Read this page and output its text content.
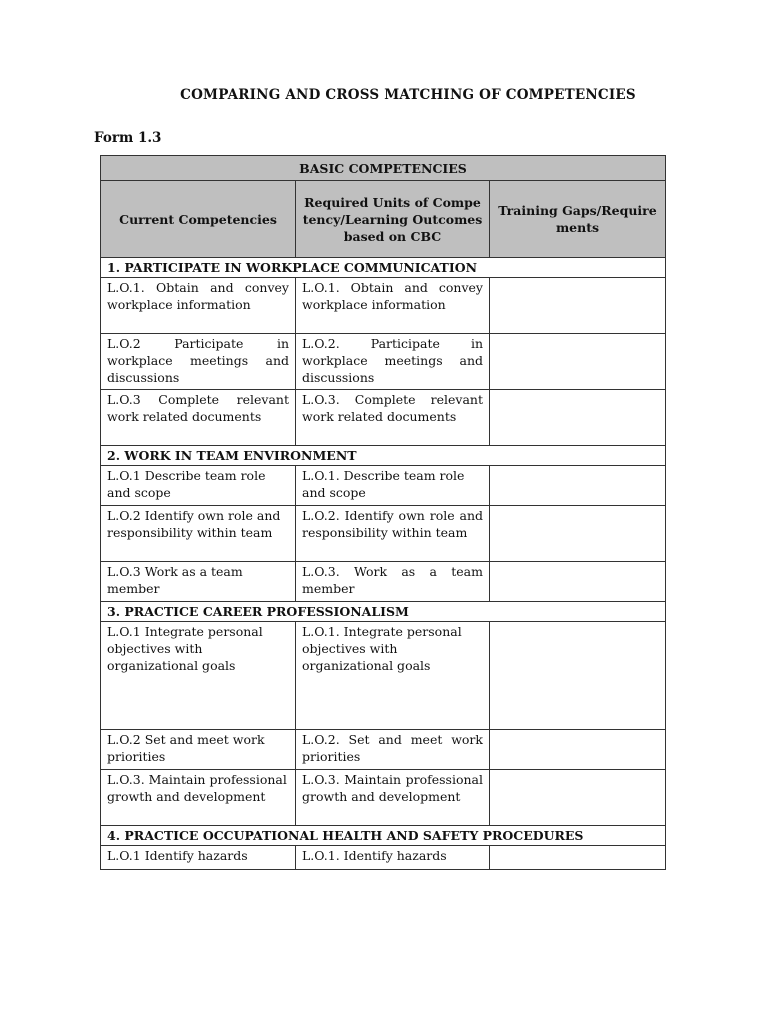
COMPARING AND CROSS MATCHING OF COMPETENCIES
Form 1.3
BASIC COMPETENCIES		
Current Competencies	Required Units of Competency/Learning Outcomes based on CBC	Training Gaps/Requirements
1. PARTICIPATE IN WORKPLACE COMMUNICATION		
L.O.1. Obtain and convey workplace information	L.O.1. Obtain and convey workplace information	
L.O.2 Participate in workplace meetings and discussions	L.O.2. Participate in workplace meetings and discussions	
L.O.3 Complete relevant work related documents	L.O.3. Complete relevant work related documents	
2. WORK IN TEAM ENVIRONMENT		
L.O.1 Describe team role and scope	L.O.1. Describe team role and scope	
L.O.2 Identify own role and responsibility within team	L.O.2. Identify own role and responsibility within team	
L.O.3 Work as a team member	L.O.3. Work as a team member	
3. PRACTICE CAREER PROFESSIONALISM		
L.O.1 Integrate personal objectives with organizational goals	L.O.1. Integrate personal objectives with organizational goals	
L.O.2 Set and meet work priorities	L.O.2. Set and meet work priorities	
L.O.3. Maintain professional growth and development	L.O.3. Maintain professional growth and development	
4. PRACTICE OCCUPATIONAL HEALTH AND SAFETY PROCEDURES		
L.O.1 Identify hazards	L.O.1. Identify hazards	
